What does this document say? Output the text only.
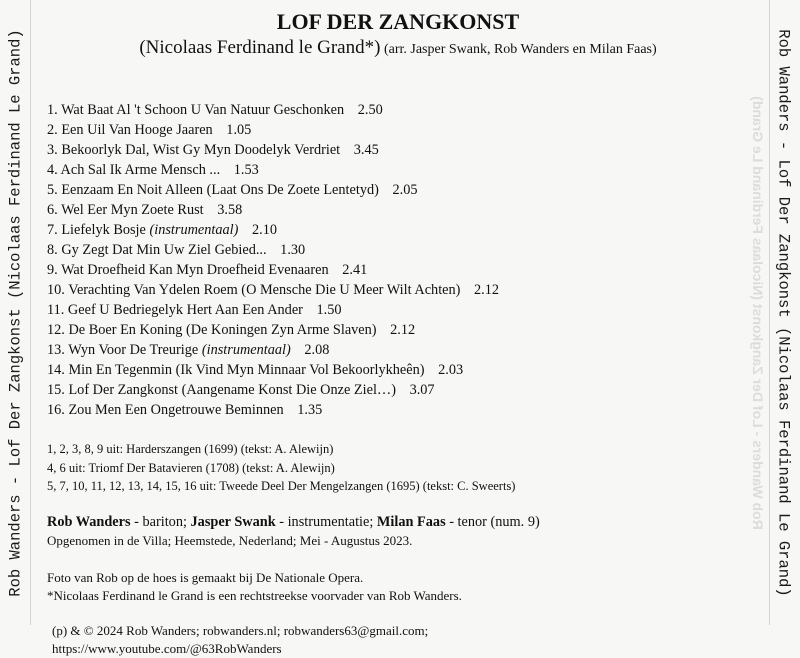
Rob Wanders - Lof Der Zangkonst (Nicolaas Ferdinand Le Grand)	Rob Wanders - Lof Der Zangkonst (Nicolaas Ferdinand Le Grand) Rob Wanders - Lof Der Zangkonst (Nicolaas Ferdinand Le Grand)
LOF DER ZANGKONST
(Nicolaas Ferdinand le Grand*) (arr. Jasper Swank, Rob Wanders en Milan Faas)
1. Wat Baat Al 't Schoon U Van Natuur Geschonken 2.50
2. Een Uil Van Hooge Jaaren 1.05
3. Bekoorlyk Dal, Wist Gy Myn Doodelyk Verdriet 3.45
4. Ach Sal Ik Arme Mensch ... 1.53
5. Eenzaam En Noit Alleen (Laat Ons De Zoete Lentetyd) 2.05
6. Wel Eer Myn Zoete Rust 3.58
7. Liefelyk Bosje (instrumentaal) 2.10
8. Gy Zegt Dat Min Uw Ziel Gebied... 1.30
9. Wat Droefheid Kan Myn Droefheid Evenaaren 2.41
10. Verachting Van Ydelen Roem (O Mensche Die U Meer Wilt Achten) 2.12
11. Geef U Bedriegelyk Hert Aan Een Ander 1.50
12. De Boer En Koning (De Koningen Zyn Arme Slaven) 2.12
13. Wyn Voor De Treurige (instrumentaal) 2.08
14. Min En Tegenmin (Ik Vind Myn Minnaar Vol Bekoorlykheên) 2.03
15. Lof Der Zangkonst (Aangename Konst Die Onze Ziel…) 3.07
16. Zou Men Een Ongetrouwe Beminnen 1.35
1, 2, 3, 8, 9 uit: Harderszangen (1699) (tekst: A. Alewijn)
4, 6 uit: Triomf Der Batavieren (1708) (tekst: A. Alewijn)
5, 7, 10, 11, 12, 13, 14, 15, 16 uit: Tweede Deel Der Mengelzangen (1695) (tekst: C. Sweerts)
Rob Wanders - bariton; Jasper Swank - instrumentatie; Milan Faas - tenor (num. 9)
Opgenomen in de Villa; Heemstede, Nederland; Mei - Augustus 2023.
Foto van Rob op de hoes is gemaakt bij De Nationale Opera.
*Nicolaas Ferdinand le Grand is een rechtstreekse voorvader van Rob Wanders.
(p) & © 2024 Rob Wanders; robwanders.nl; robwanders63@gmail.com;
https://www.youtube.com/@63RobWanders
